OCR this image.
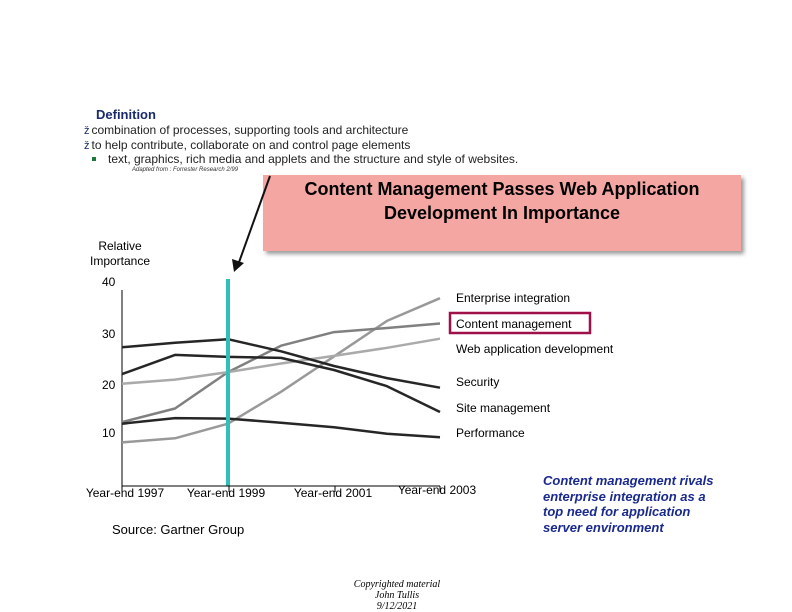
Definition
ž combination of processes, supporting tools and architecture
ž to help contribute, collaborate on and control page elements
text, graphics, rich media and applets and the structure and style of websites.
Adapted from : Forrester Research 2/99
Content Management Passes Web Application Development In Importance
Relative Importance
40
30
20
10
Enterprise integration
Content management
Web application development
Security
Site management
Performance
Year-end 1997	Year-end 1999	Year-end 2001	Year-end 2003
Source: Gartner Group
Content management rivals enterprise integration as a top need for application server environment
Copyrighted material
John Tullis
9/12/2021
